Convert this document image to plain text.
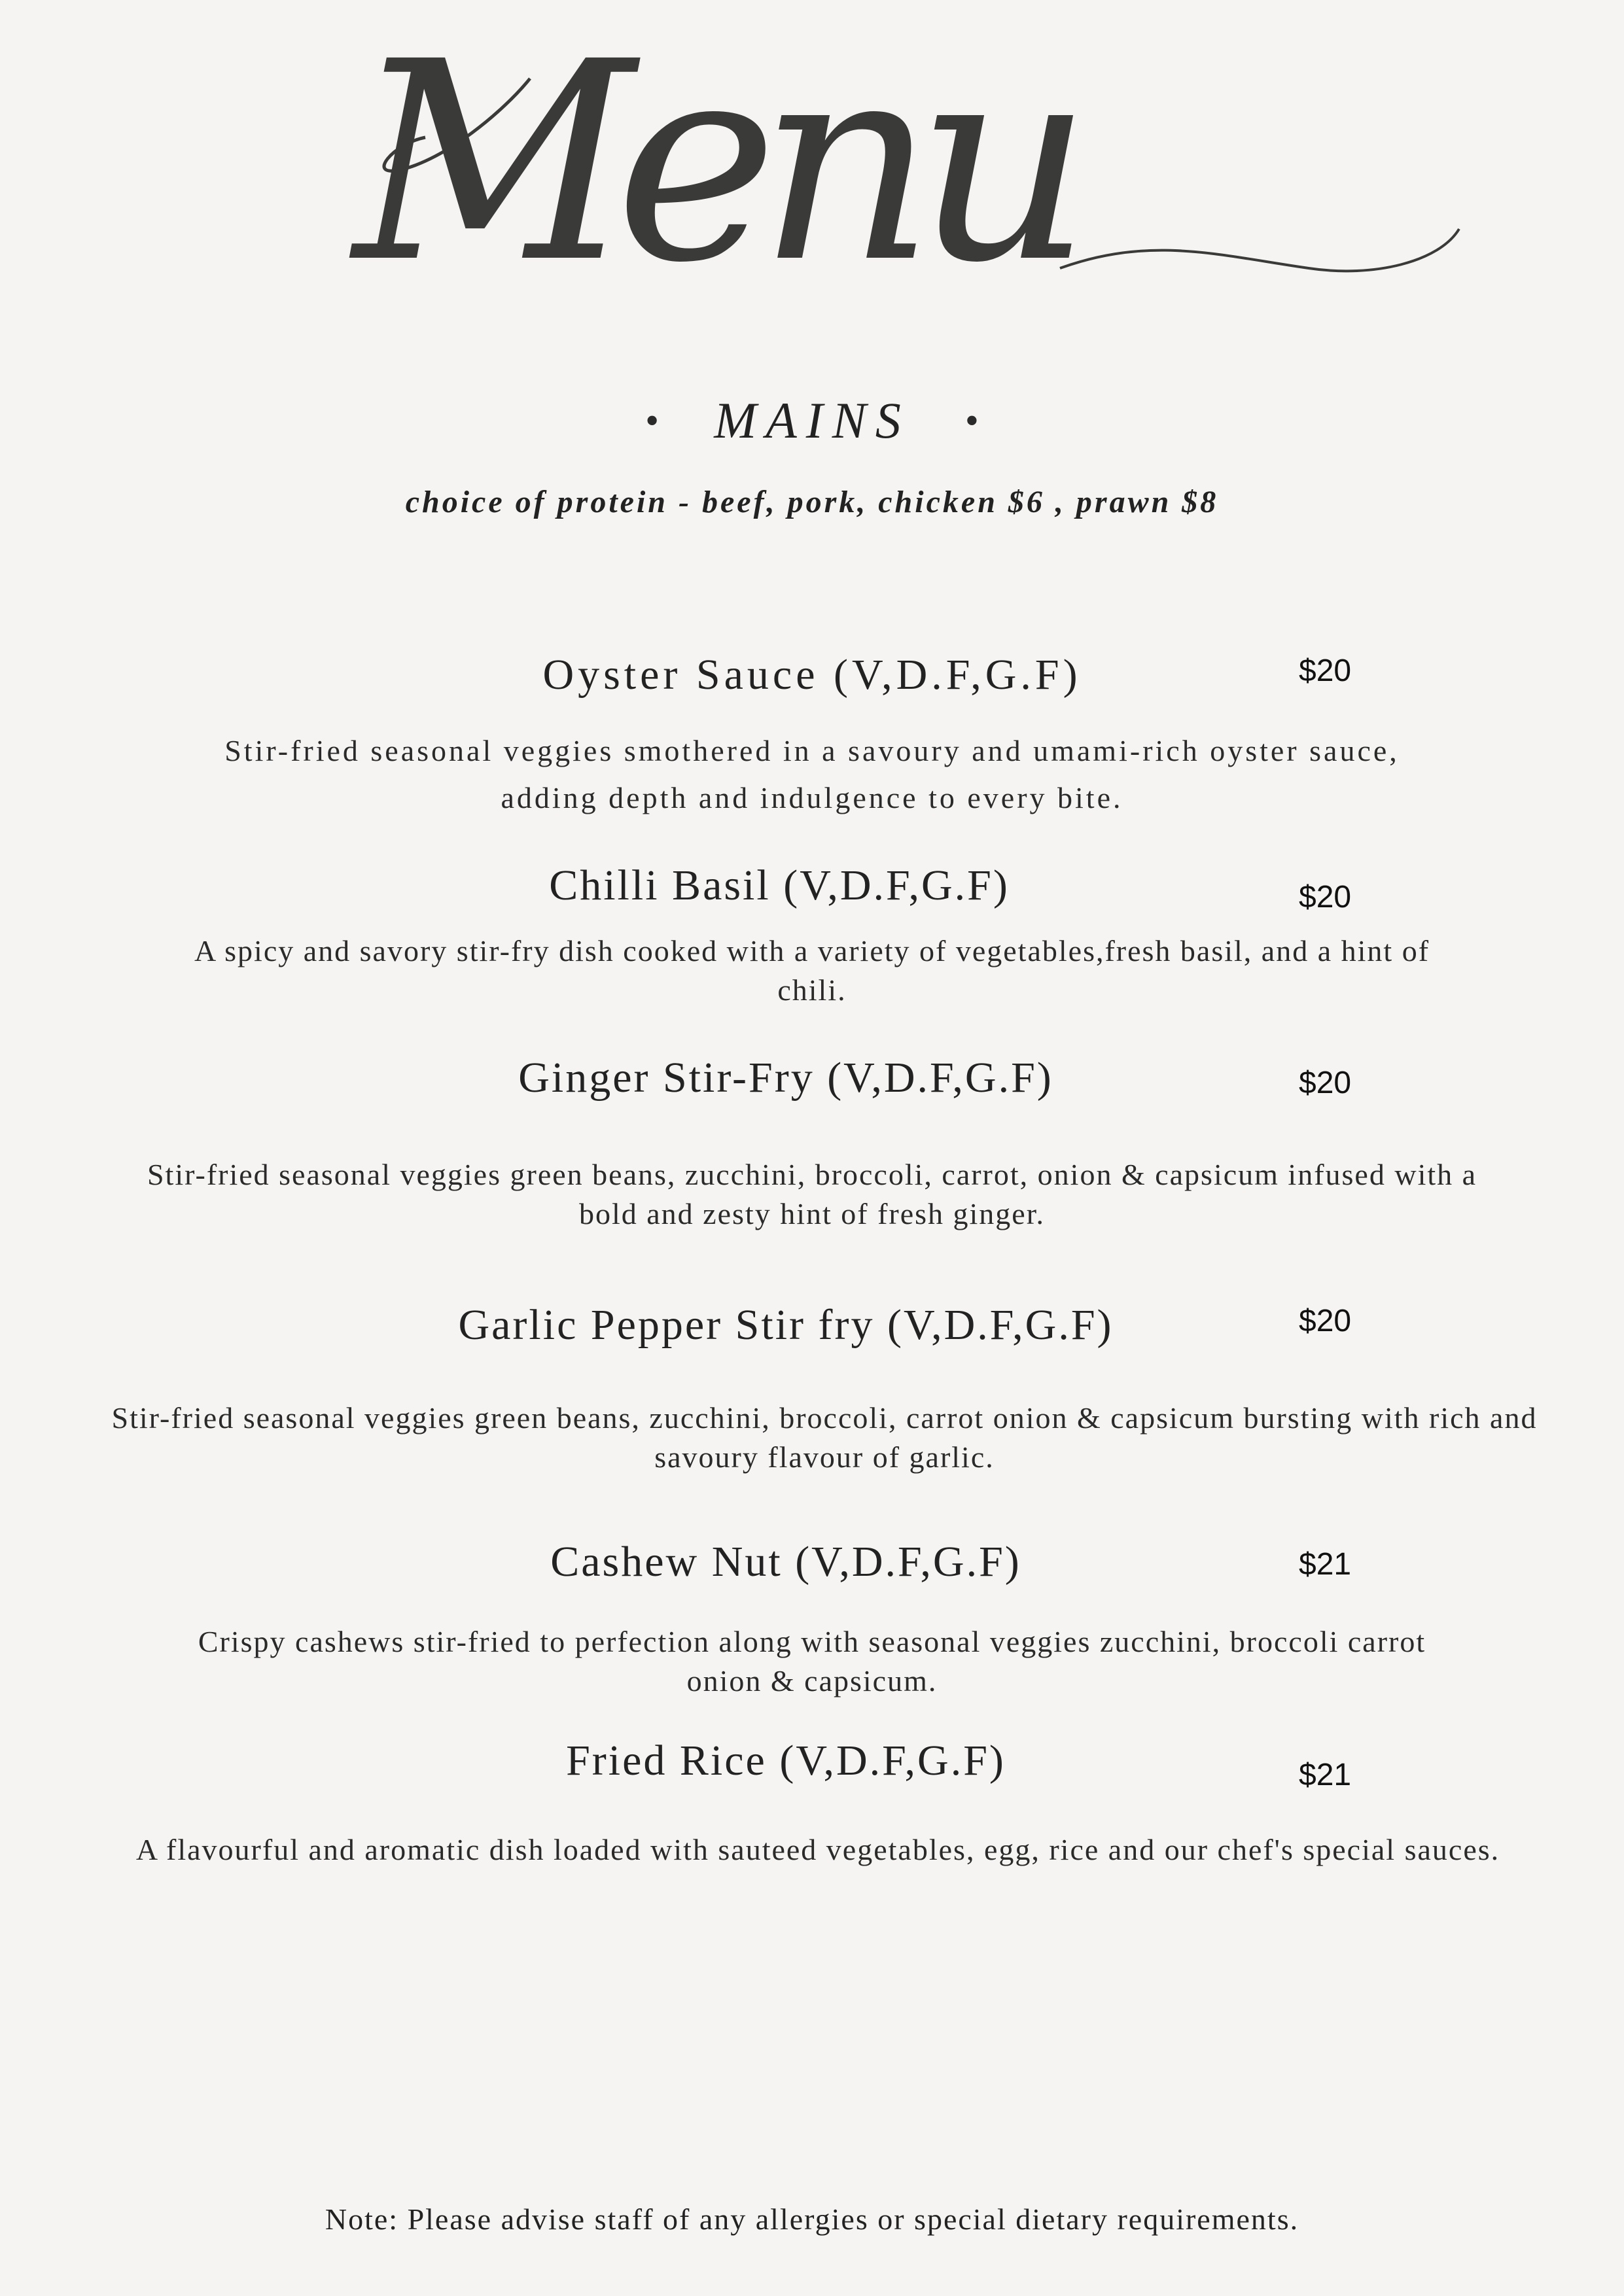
Menu
• MAINS •
choice of protein - beef, pork, chicken $6 , prawn $8
Oyster Sauce (V,D.F,G.F)	$20
Stir-fried seasonal veggies smothered in a savoury and umami-rich oyster sauce,
adding depth and indulgence to every bite.
Chilli Basil (V,D.F,G.F)	$20
A spicy and savory stir-fry dish cooked with a variety of vegetables,fresh basil, and a hint of
chili.
Ginger Stir-Fry (V,D.F,G.F)	$20
Stir-fried seasonal veggies green beans, zucchini, broccoli, carrot, onion & capsicum infused with a
bold and zesty hint of fresh ginger.
Garlic Pepper Stir fry (V,D.F,G.F)	$20
Stir-fried seasonal veggies green beans, zucchini, broccoli, carrot onion & capsicum bursting with rich and
savoury flavour of garlic.
Cashew Nut (V,D.F,G.F)	$21
Crispy cashews stir-fried to perfection along with seasonal veggies zucchini, broccoli carrot
onion & capsicum.
Fried Rice (V,D.F,G.F)	$21
A flavourful and aromatic dish loaded with sauteed vegetables, egg, rice and our chef's special sauces.
Note: Please advise staff of any allergies or special dietary requirements.
